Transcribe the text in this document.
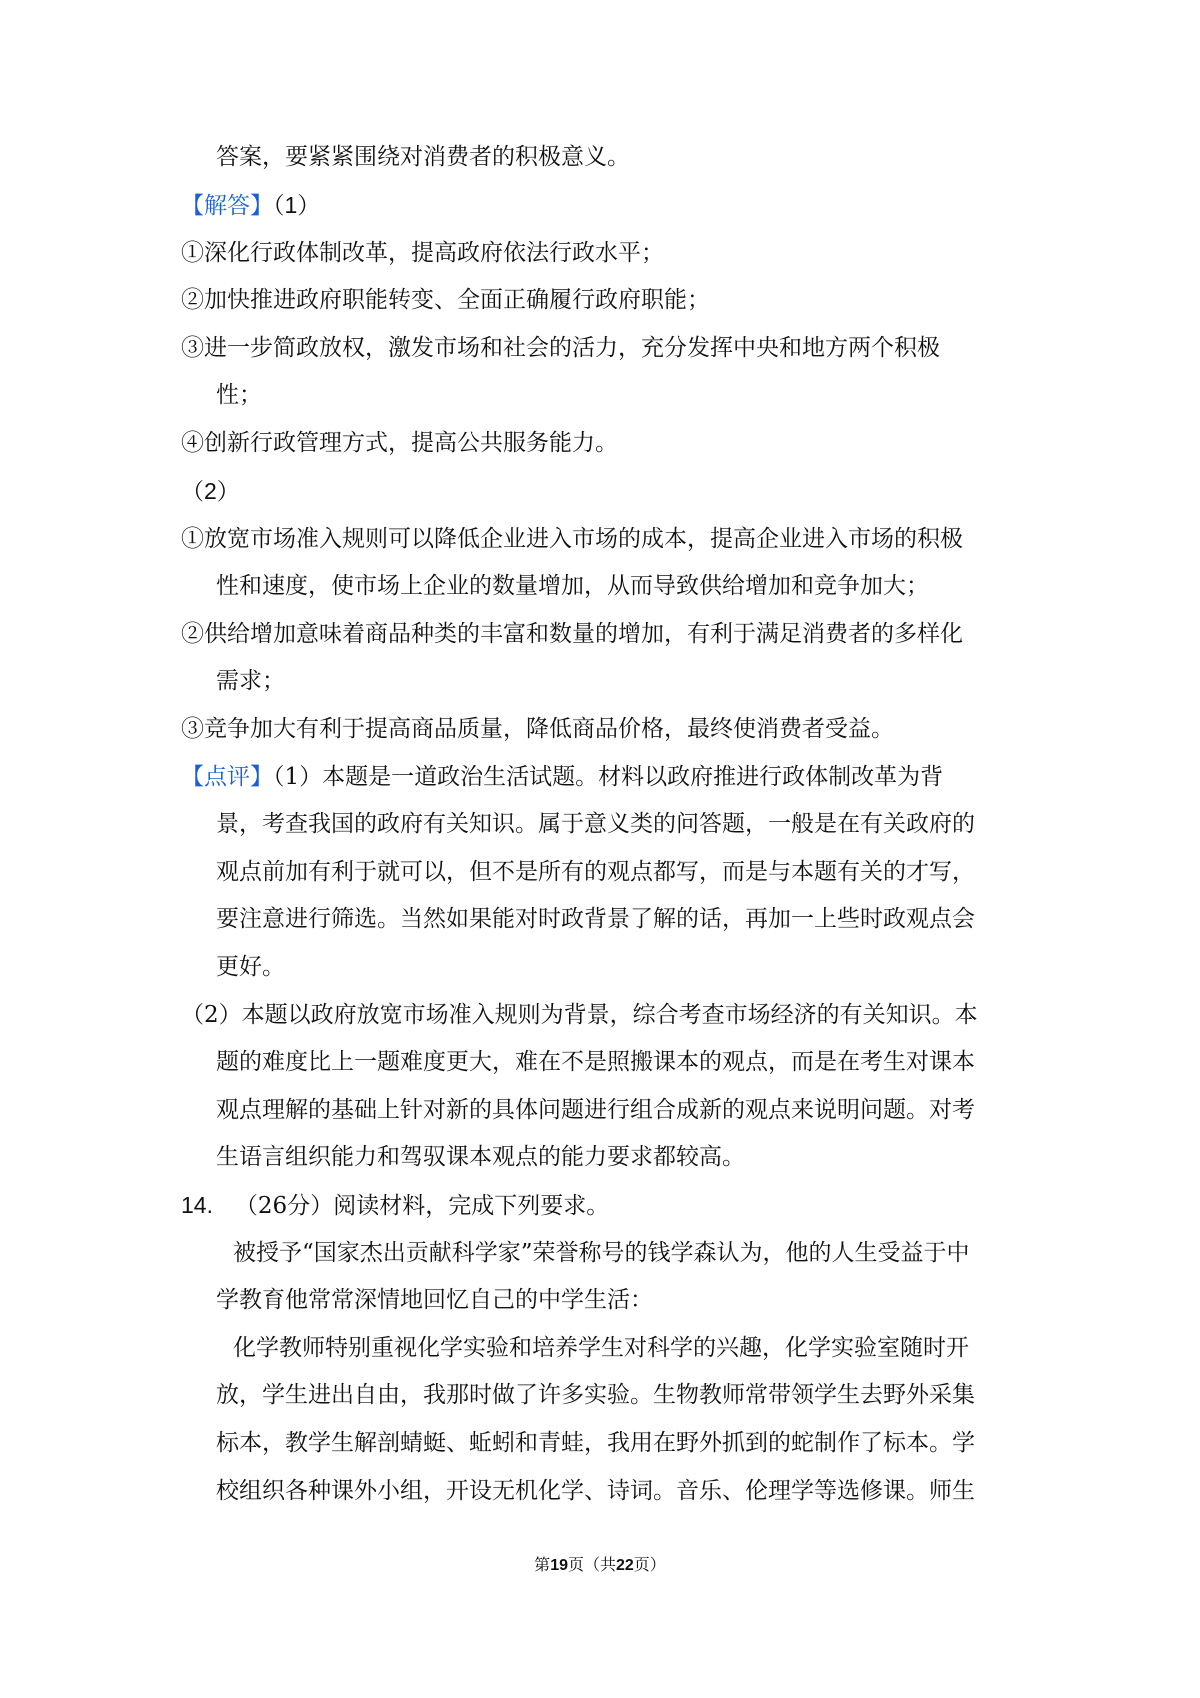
答案，要紧紧围绕对消费者的积极意义。
【解答】（1）
①深化行政体制改革，提高政府依法行政水平；
②加快推进政府职能转变、全面正确履行政府职能；
③进一步简政放权，激发市场和社会的活力，充分发挥中央和地方两个积极
性；
④创新行政管理方式，提高公共服务能力。
（2）
①放宽市场准入规则可以降低企业进入市场的成本，提高企业进入市场的积极
性和速度，使市场上企业的数量增加，从而导致供给增加和竞争加大；
②供给增加意味着商品种类的丰富和数量的增加，有利于满足消费者的多样化
需求；
③竞争加大有利于提高商品质量，降低商品价格，最终使消费者受益。
【点评】（1）本题是一道政治生活试题。材料以政府推进行政体制改革为背
景，考查我国的政府有关知识。属于意义类的问答题，一般是在有关政府的
观点前加有利于就可以，但不是所有的观点都写，而是与本题有关的才写，
要注意进行筛选。当然如果能对时政背景了解的话，再加一上些时政观点会
更好。
（2）本题以政府放宽市场准入规则为背景，综合考查市场经济的有关知识。本
题的难度比上一题难度更大，难在不是照搬课本的观点，而是在考生对课本
观点理解的基础上针对新的具体问题进行组合成新的观点来说明问题。对考
生语言组织能力和驾驭课本观点的能力要求都较高。
14. （26分）阅读材料，完成下列要求。
被授予“国家杰出贡献科学家”荣誉称号的钱学森认为，他的人生受益于中
学教育他常常深情地回忆自己的中学生活：
化学教师特别重视化学实验和培养学生对科学的兴趣，化学实验室随时开
放，学生进出自由，我那时做了许多实验。生物教师常带领学生去野外采集
标本，教学生解剖蜻蜓、蚯蚓和青蛙，我用在野外抓到的蛇制作了标本。学
校组织各种课外小组，开设无机化学、诗词。音乐、伦理学等选修课。师生
第19页（共22页）
